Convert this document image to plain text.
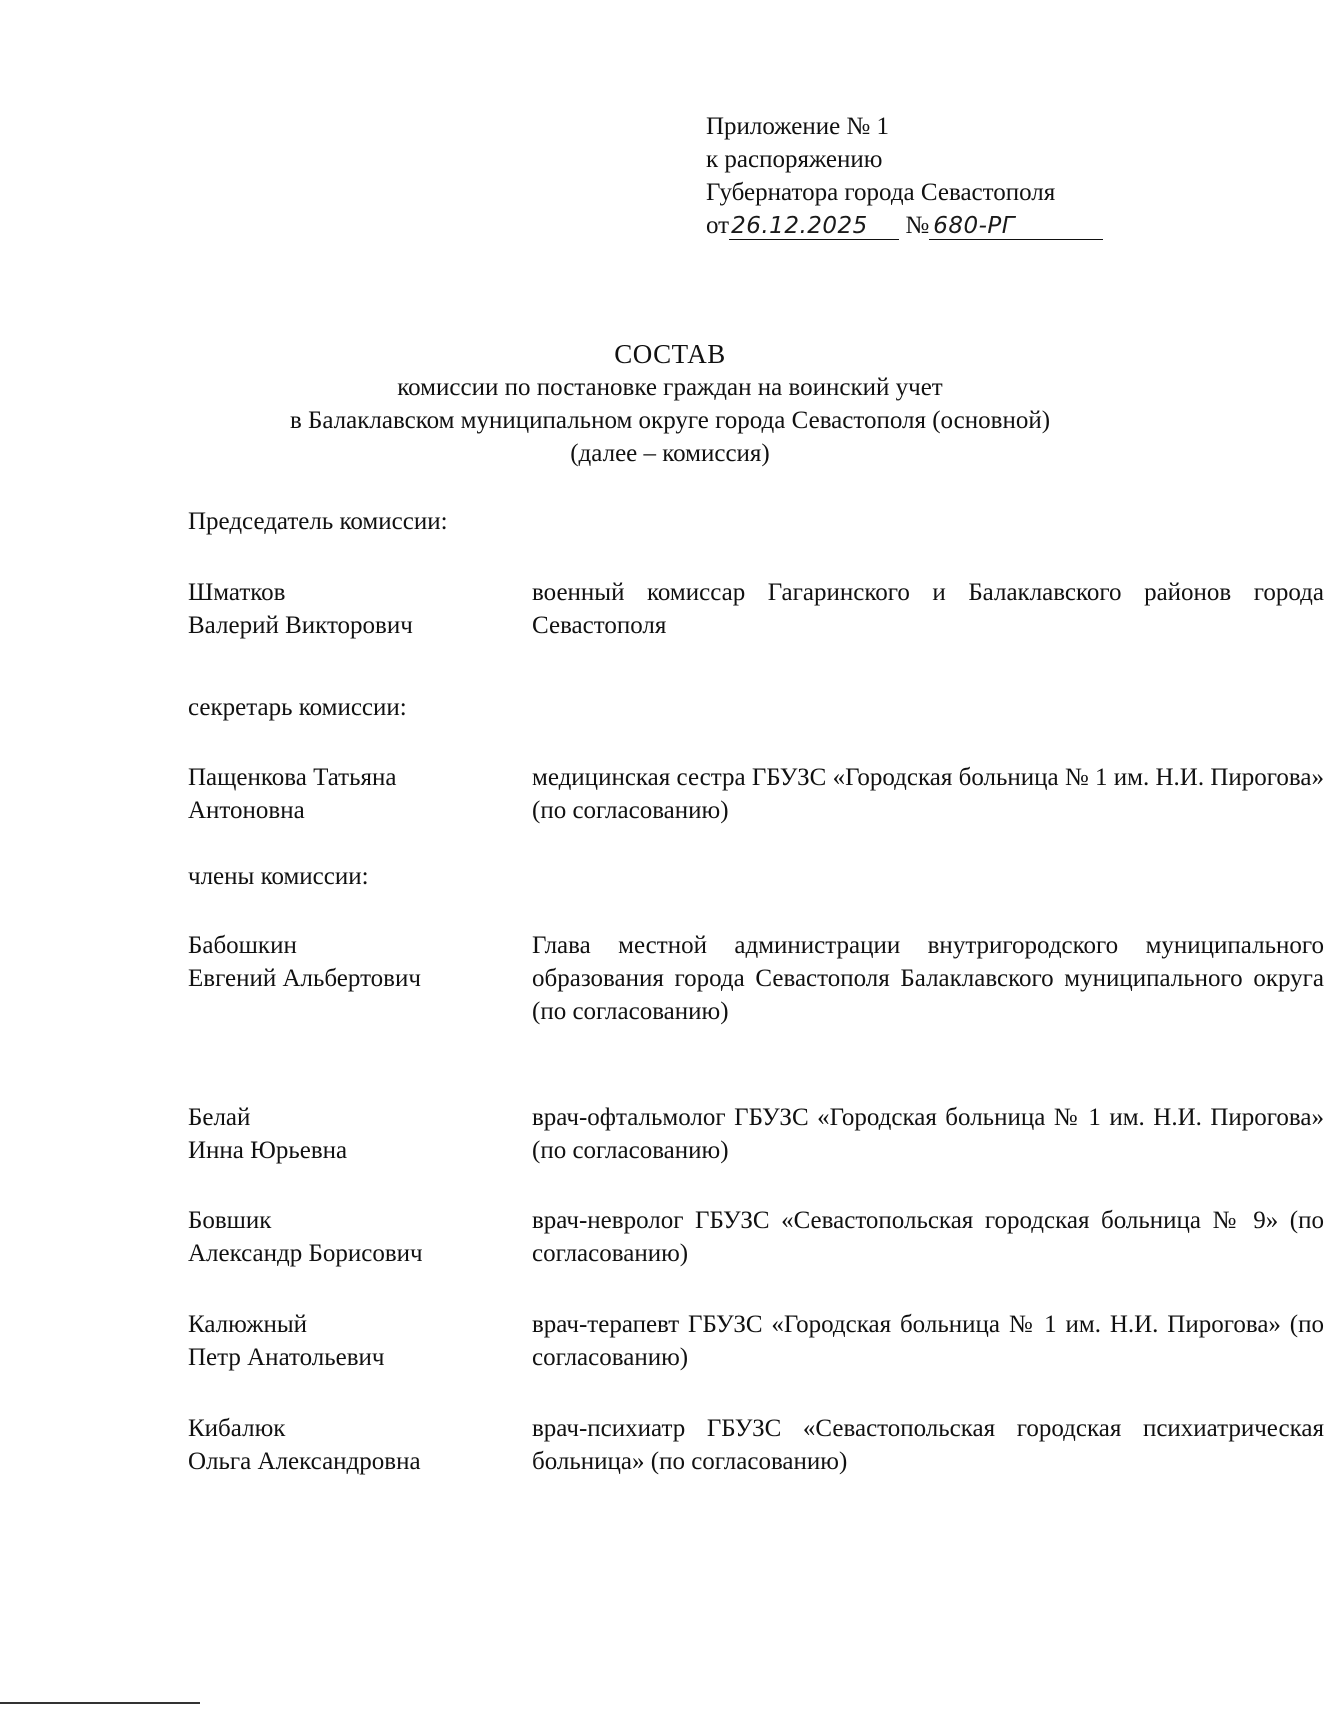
Приложение № 1
к распоряжению
Губернатора города Севастополя
от26.12.2025 № 680-РГ
СОСТАВ
комиссии по постановке граждан на воинский учет
в Балаклавском муниципальном округе города Севастополя (основной)
(далее – комиссия)
Председатель комиссии:
Шматков
Валерий Викторович
военный комиссар Гагаринского и Балаклавского районов города Севастополя
секретарь комиссии:
Пащенкова Татьяна
Антоновна
медицинская сестра ГБУЗС «Городская больница № 1 им. Н.И. Пирогова» (по согласованию)
члены комиссии:
Бабошкин
Евгений Альбертович
Глава местной администрации внутригородского муниципального образования города Севастополя Балаклавского муниципального округа (по согласованию)
Белай
Инна Юрьевна
врач-офтальмолог ГБУЗС «Городская больница № 1 им. Н.И. Пирогова» (по согласованию)
Бовшик
Александр Борисович
врач-невролог ГБУЗС «Севастопольская городская больница № 9» (по согласованию)
Калюжный
Петр Анатольевич
врач-терапевт ГБУЗС «Городская больница № 1 им. Н.И. Пирогова» (по согласованию)
Кибалюк
Ольга Александровна
врач-психиатр ГБУЗС «Севастопольская городская психиатрическая больница» (по согласованию)
